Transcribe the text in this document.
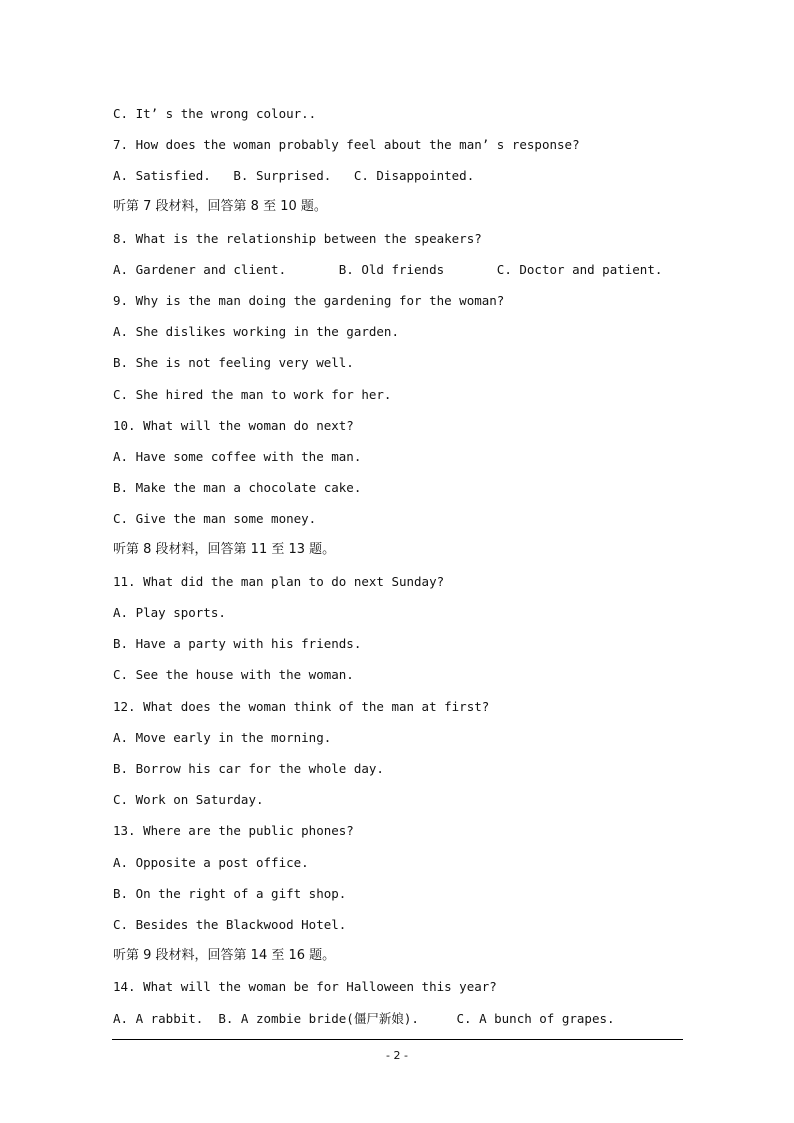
C. It’ s the wrong colour..
7. How does the woman probably feel about the man’ s response?
A. Satisfied.   B. Surprised.   C. Disappointed.
听第 7 段材料，回答第 8 至 10 题。
8. What is the relationship between the speakers?
A. Gardener and client.       B. Old friends       C. Doctor and patient.
9. Why is the man doing the gardening for the woman?
A. She dislikes working in the garden.
B. She is not feeling very well.
C. She hired the man to work for her.
10. What will the woman do next?
A. Have some coffee with the man.
B. Make the man a chocolate cake.
C. Give the man some money.
听第 8 段材料，回答第 11 至 13 题。
11. What did the man plan to do next Sunday?
A. Play sports.
B. Have a party with his friends.
C. See the house with the woman.
12. What does the woman think of the man at first?
A. Move early in the morning.
B. Borrow his car for the whole day.
C. Work on Saturday.
13. Where are the public phones?
A. Opposite a post office.
B. On the right of a gift shop.
C. Besides the Blackwood Hotel.
听第 9 段材料，回答第 14 至 16 题。
14. What will the woman be for Halloween this year?
A. A rabbit.  B. A zombie bride(僵尸新娘).     C. A bunch of grapes.
- 2 -
